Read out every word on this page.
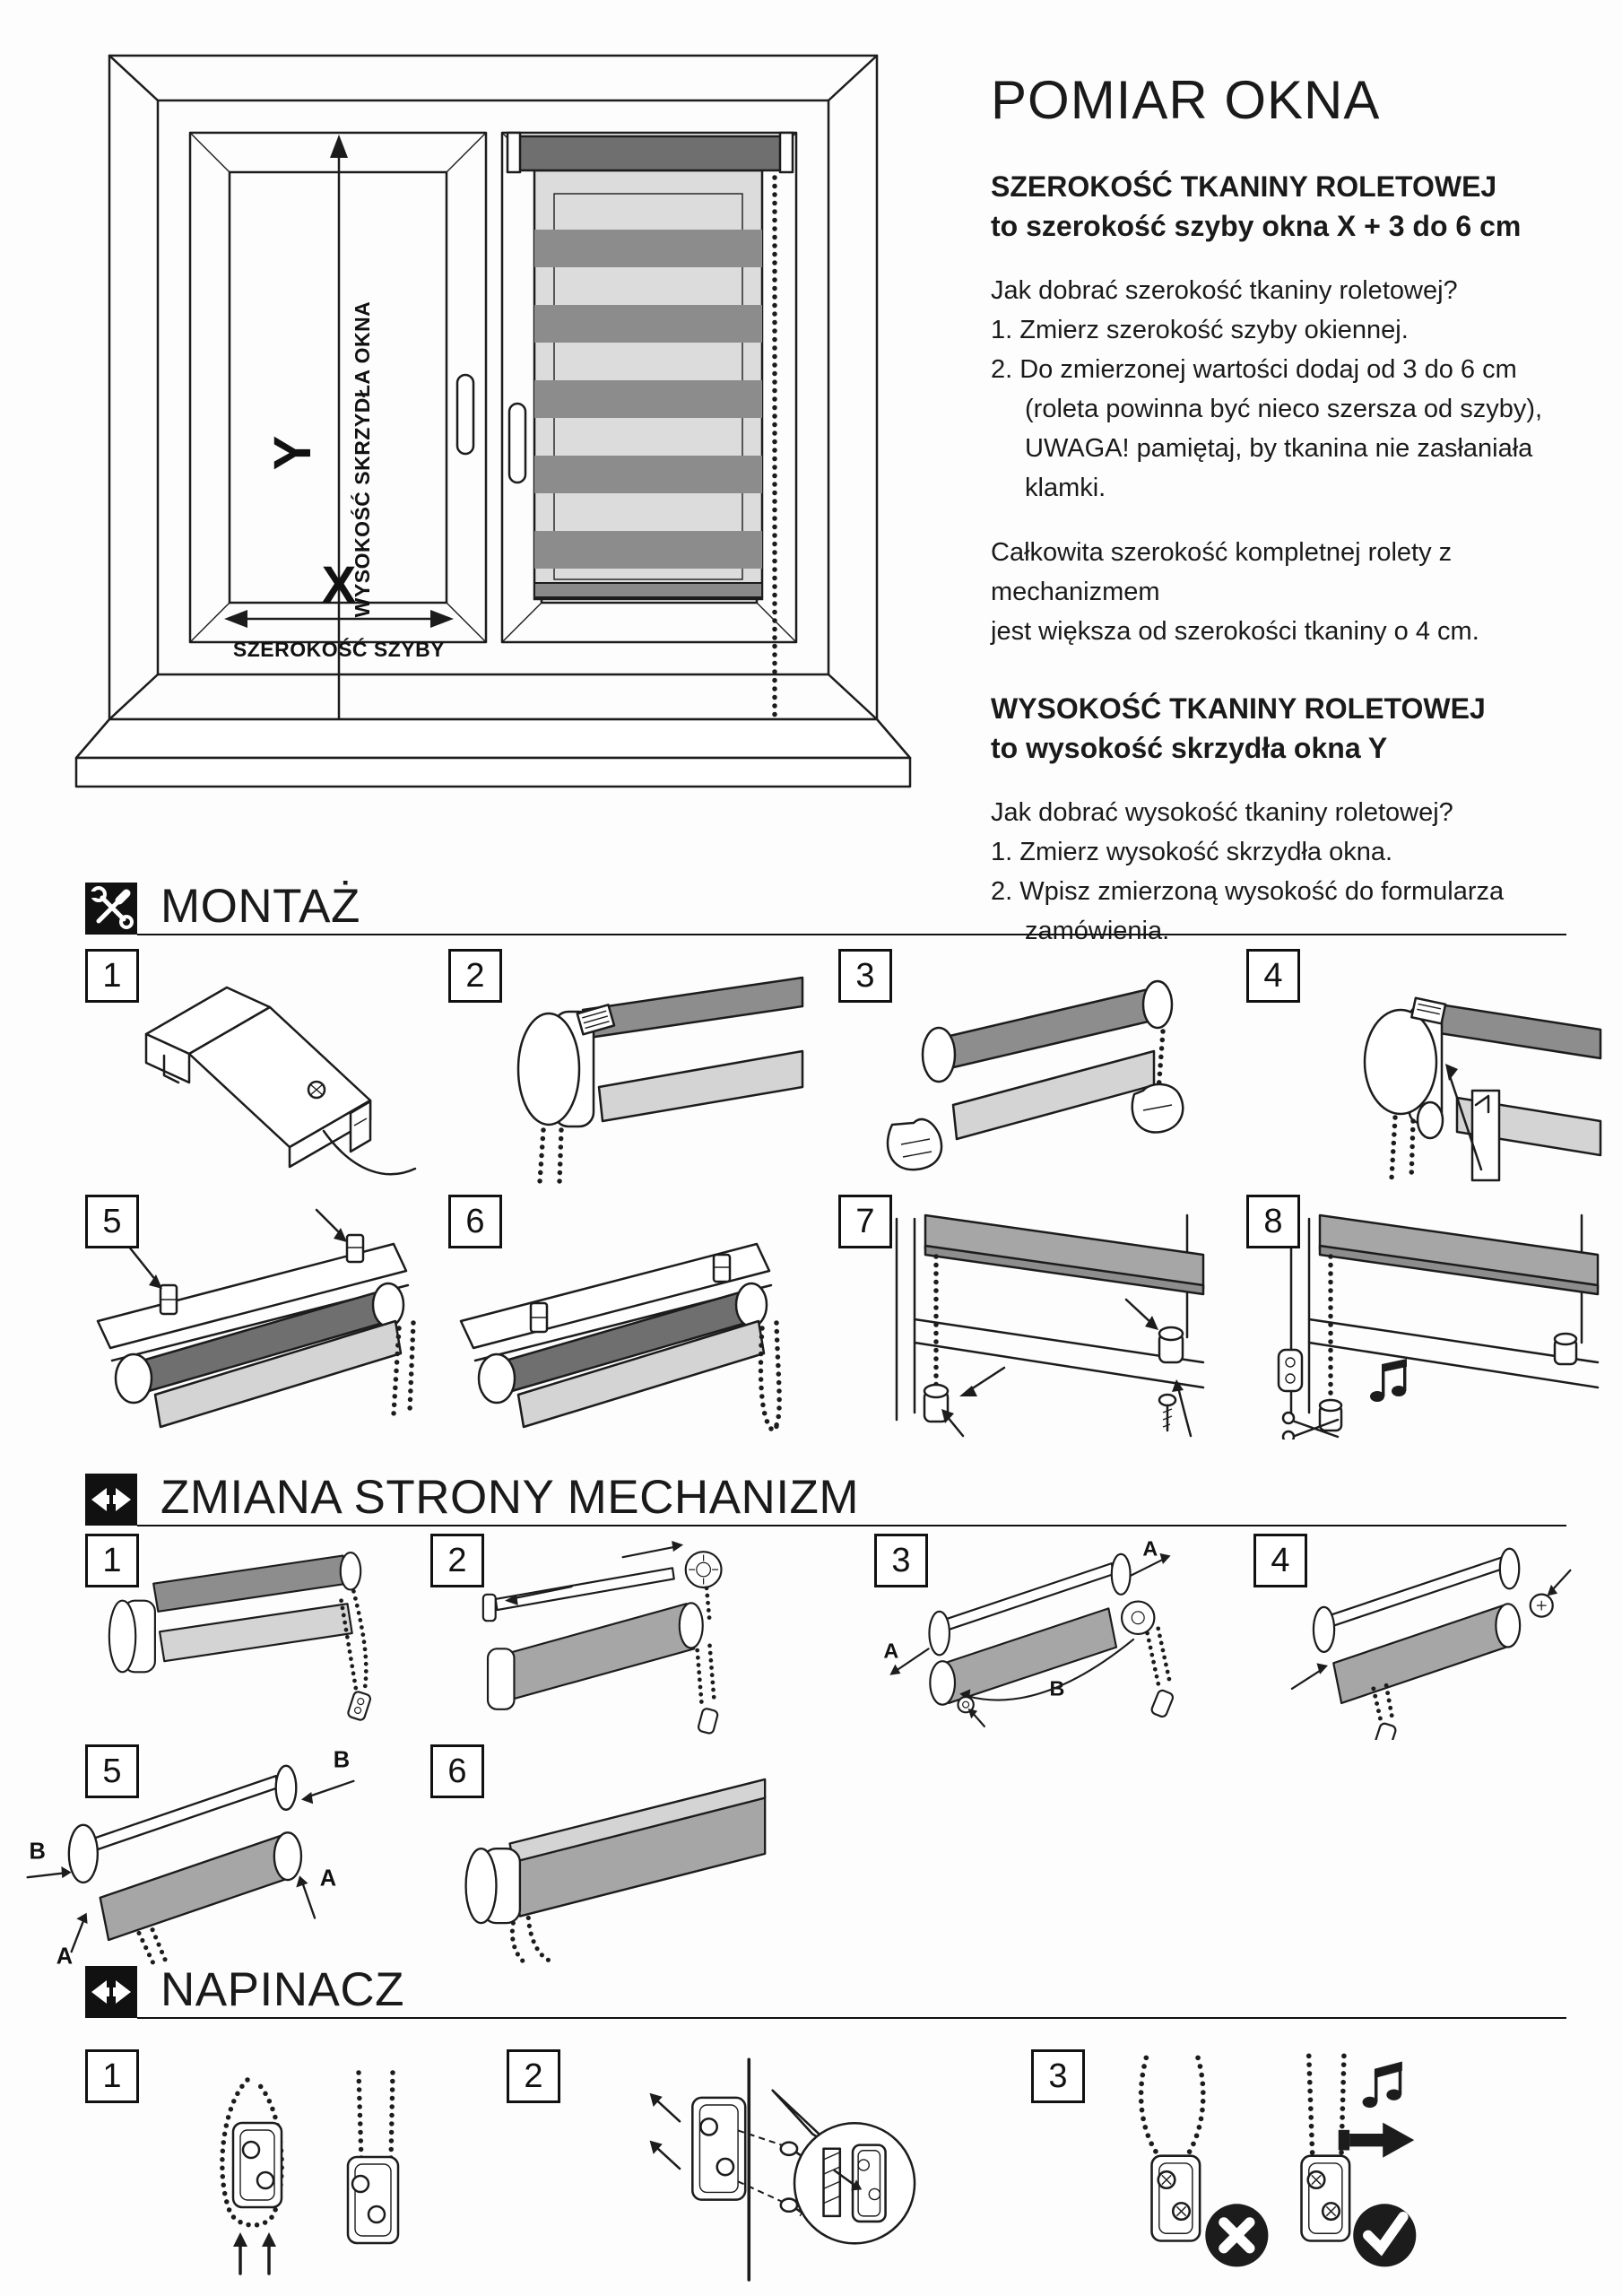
Y WYSOKOŚĆ SKRZYDŁA OKNA
X
SZEROKOŚĆ SZYBY
POMIAR OKNA
SZEROKOŚĆ TKANINY ROLETOWEJ
to szerokość szyby okna X + 3 do 6 cm
Jak dobrać szerokość tkaniny roletowej?
1. Zmierz szerokość szyby okiennej.
2. Do zmierzonej wartości dodaj od 3 do 6 cm
(roleta powinna być nieco szersza od szyby),
UWAGA! pamiętaj, by tkanina nie zasłaniała klamki.
Całkowita szerokość kompletnej rolety z mechanizmem
jest większa od szerokości tkaniny o 4 cm.
WYSOKOŚĆ TKANINY ROLETOWEJ
to wysokość skrzydła okna Y
Jak dobrać wysokość tkaniny roletowej?
1. Zmierz wysokość skrzydła okna.
2. Wpisz zmierzoną wysokość do formularza
zamówienia.
MONTAŻ
1	2	3	4
5	6	7	8
ZMIANA STRONY MECHANIZM
A
A
B
B
B
A
A
1	2	3	4
5	6
NAPINACZ
1	2	3
